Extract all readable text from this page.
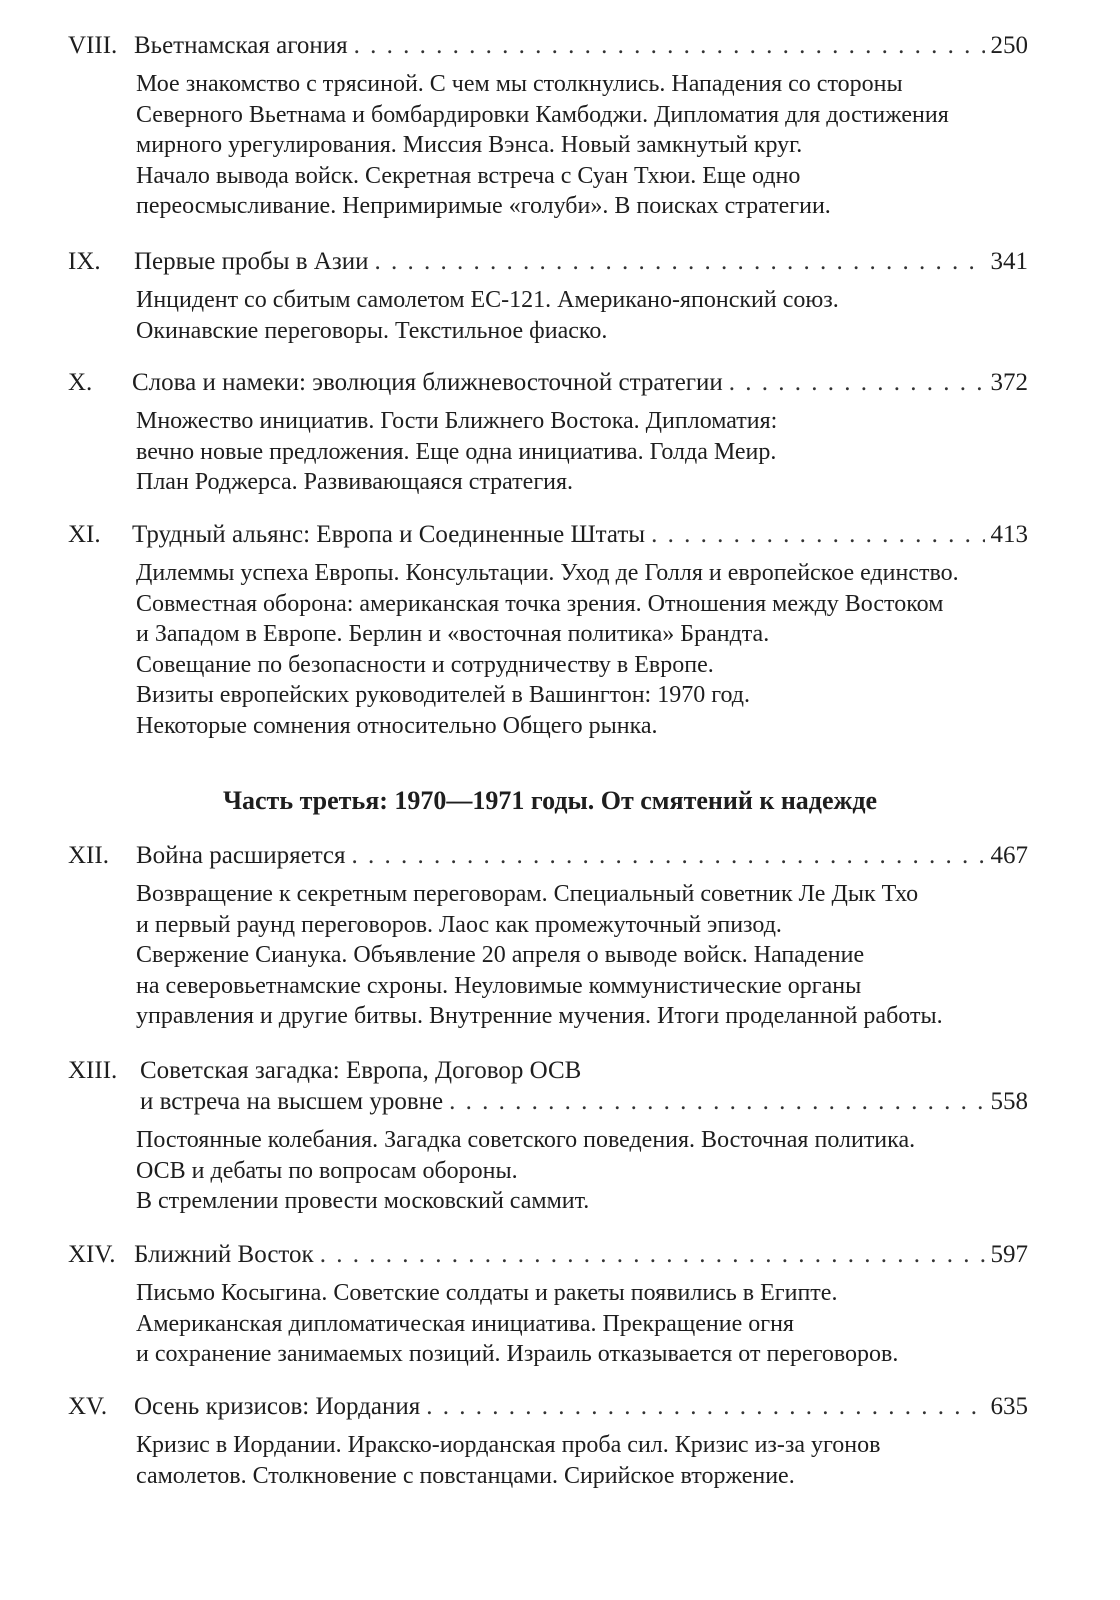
VIII. Вьетнамская агония . . .	250
Мое знакомство с трясиной. С чем мы столкнулись. Нападения со стороны
Северного Вьетнама и бомбардировки Камбоджи. Дипломатия для достижения
мирного урегулирования. Миссия Вэнса. Новый замкнутый круг.
Начало вывода войск. Секретная встреча с Суан Тхюи. Еще одно
переосмысливание. Непримиримые «голуби». В поисках стратегии.
IX.	Первые пробы в Азии . . .	341
Инцидент со сбитым самолетом ЕС-121. Американо-японский союз.
Окинавские переговоры. Текстильное фиаско.
X.	Слова и намеки: эволюция ближневосточной стратегии . . .	372
Множество инициатив. Гости Ближнего Востока. Дипломатия:
вечно новые предложения. Еще одна инициатива. Голда Меир.
План Роджерса. Развивающаяся стратегия.
XI.	Трудный альянс: Европа и Соединенные Штаты . . .	413
Дилеммы успеха Европы. Консультации. Уход де Голля и европейское единство.
Совместная оборона: американская точка зрения. Отношения между Востоком
и Западом в Европе. Берлин и «восточная политика» Брандта.
Совещание по безопасности и сотрудничеству в Европе.
Визиты европейских руководителей в Вашингтон: 1970 год.
Некоторые сомнения относительно Общего рынка.
Часть третья: 1970—1971 годы. От смятений к надежде
XII.	Война расширяется . . .	467
Возвращение к секретным переговорам. Специальный советник Ле Дык Тхо
и первый раунд переговоров. Лаос как промежуточный эпизод.
Свержение Сианука. Объявление 20 апреля о выводе войск. Нападение
на северовьетнамские схроны. Неуловимые коммунистические органы
управления и другие битвы. Внутренние мучения. Итоги проделанной работы.
XIII. Советская загадка: Европа, Договор ОСВ
и встреча на высшем уровне . . .	558
Постоянные колебания. Загадка советского поведения. Восточная политика.
ОСВ и дебаты по вопросам обороны.
В стремлении провести московский саммит.
XIV. Ближний Восток . . .	597
Письмо Косыгина. Советские солдаты и ракеты появились в Египте.
Американская дипломатическая инициатива. Прекращение огня
и сохранение занимаемых позиций. Израиль отказывается от переговоров.
XV.	Осень кризисов: Иордания . . .	635
Кризис в Иордании. Иракско-иорданская проба сил. Кризис из-за угонов
самолетов. Столкновение с повстанцами. Сирийское вторжение.
